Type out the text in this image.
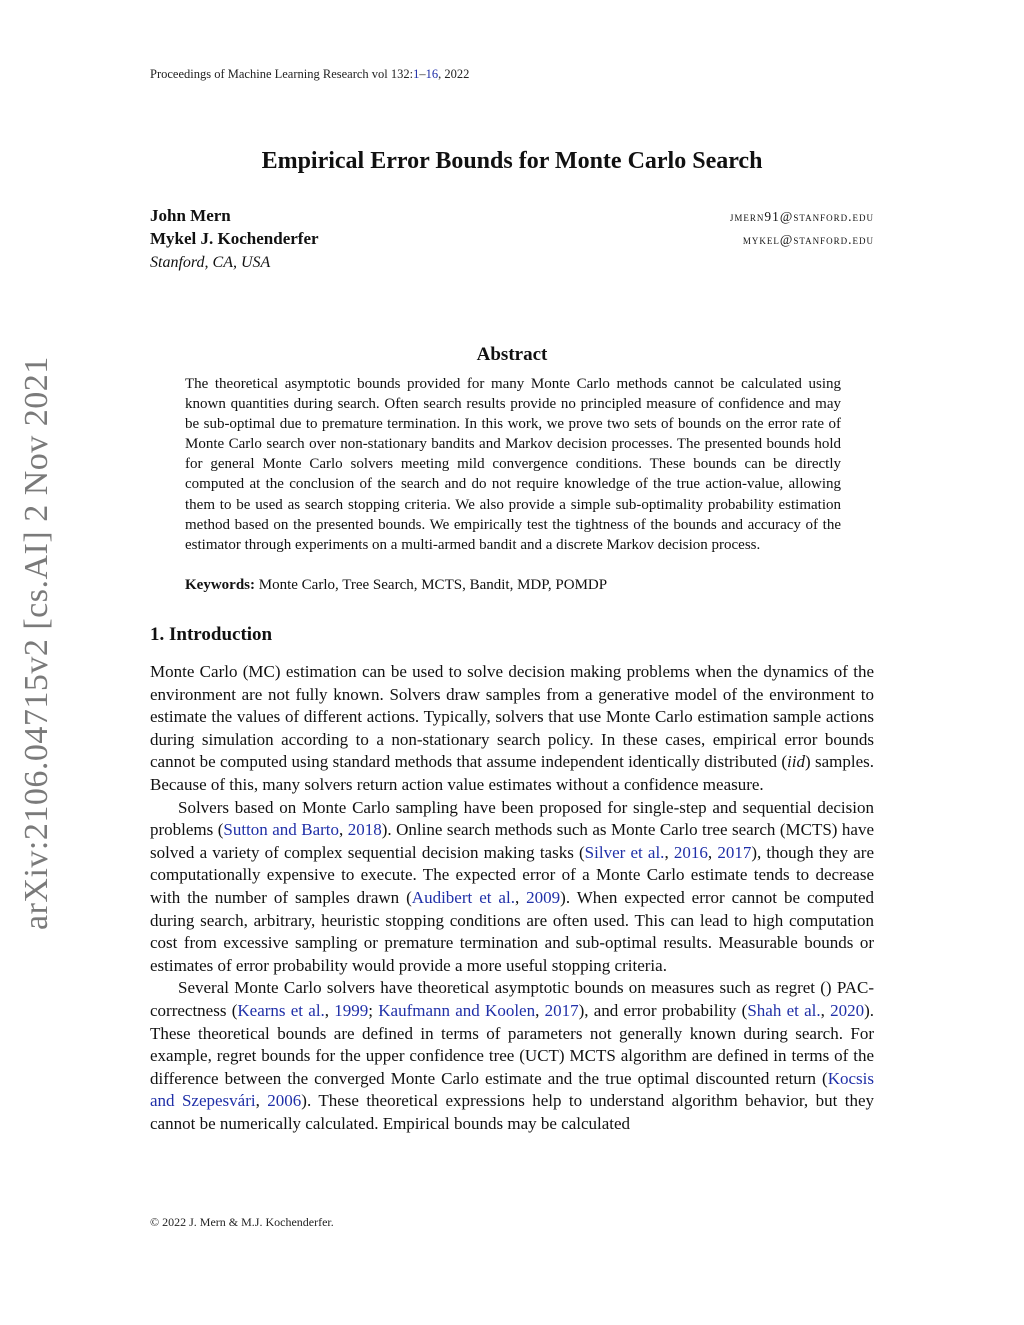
Proceedings of Machine Learning Research vol 132:1–16, 2022
arXiv:2106.04715v2 [cs.AI] 2 Nov 2021
Empirical Error Bounds for Monte Carlo Search
John Mern	jmern91@stanford.edu
Mykel J. Kochenderfer	mykel@stanford.edu
Stanford, CA, USA
Abstract
The theoretical asymptotic bounds provided for many Monte Carlo methods cannot be calculated using known quantities during search. Often search results provide no principled measure of confidence and may be sub-optimal due to premature termination. In this work, we prove two sets of bounds on the error rate of Monte Carlo search over non-stationary bandits and Markov decision processes. The presented bounds hold for general Monte Carlo solvers meeting mild convergence conditions. These bounds can be directly computed at the conclusion of the search and do not require knowledge of the true action-value, allowing them to be used as search stopping criteria. We also provide a simple sub-optimality probability estimation method based on the presented bounds. We empirically test the tightness of the bounds and accuracy of the estimator through experiments on a multi-armed bandit and a discrete Markov decision process.
Keywords: Monte Carlo, Tree Search, MCTS, Bandit, MDP, POMDP
1. Introduction

Monte Carlo (MC) estimation can be used to solve decision making problems when the dynamics of the environment are not fully known. Solvers draw samples from a generative model of the environment to estimate the values of different actions. Typically, solvers that use Monte Carlo estimation sample actions during simulation according to a non-stationary search policy. In these cases, empirical error bounds cannot be computed using standard methods that assume independent identically distributed (iid) samples. Because of this, many solvers return action value estimates without a confidence measure.

Solvers based on Monte Carlo sampling have been proposed for single-step and sequential decision problems (Sutton and Barto, 2018). Online search methods such as Monte Carlo tree search (MCTS) have solved a variety of complex sequential decision making tasks (Silver et al., 2016, 2017), though they are computationally expensive to execute. The expected error of a Monte Carlo estimate tends to decrease with the number of samples drawn (Audibert et al., 2009). When expected error cannot be computed during search, arbitrary, heuristic stopping conditions are often used. This can lead to high computation cost from excessive sampling or premature termination and sub-optimal results. Measurable bounds or estimates of error probability would provide a more useful stopping criteria.

Several Monte Carlo solvers have theoretical asymptotic bounds on measures such as regret () PAC-correctness (Kearns et al., 1999; Kaufmann and Koolen, 2017), and error probability (Shah et al., 2020). These theoretical bounds are defined in terms of parameters not generally known during search. For example, regret bounds for the upper confidence tree (UCT) MCTS algorithm are defined in terms of the difference between the converged Monte Carlo estimate and the true optimal discounted return (Kocsis and Szepesvári, 2006). These theoretical expressions help to understand algorithm behavior, but they cannot be numerically calculated. Empirical bounds may be calculated

© 2022 J. Mern & M.J. Kochenderfer.
